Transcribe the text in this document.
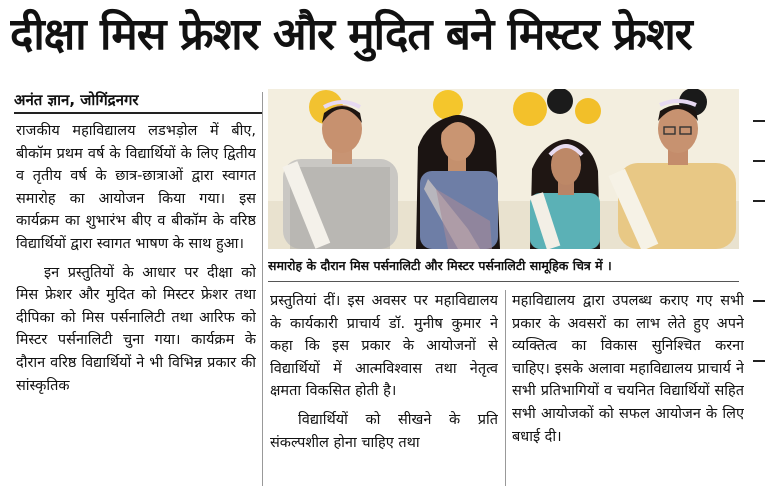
दीक्षा मिस फ्रेशर और मुदित बने मिस्टर फ्रेशर
अनंत ज्ञान, जोगिंद्रनगर

राजकीय महाविद्यालय लडभड़ोल में बीए, बीकॉम प्रथम वर्ष के विद्यार्थियों के लिए द्वितीय व तृतीय वर्ष के छात्र-छात्राओं द्वारा स्वागत समारोह का आयोजन किया गया। इस कार्यक्रम का शुभारंभ बीए व बीकॉम के वरिष्ठ विद्यार्थियों द्वारा स्वागत भाषण के साथ हुआ।

इन प्रस्तुतियों के आधार पर दीक्षा को मिस फ्रेशर और मुदित को मिस्टर फ्रेशर तथा दीपिका को मिस पर्सनालिटी तथा आरिफ को मिस्टर पर्सनालिटी चुना गया। कार्यक्रम के दौरान वरिष्ठ विद्यार्थियों ने भी विभिन्न प्रकार की सांस्कृतिक

समारोह के दौरान मिस पर्सनालिटी और मिस्टर पर्सनालिटी सामूहिक चित्र में ।

प्रस्तुतियां दीं। इस अवसर पर महाविद्यालय के कार्यकारी प्राचार्य डॉ. मुनीष कुमार ने कहा कि इस प्रकार के आयोजनों से विद्यार्थियों में आत्मविश्वास तथा नेतृत्व क्षमता विकसित होती है।

विद्यार्थियों को सीखने के प्रति संकल्पशील होना चाहिए तथा

महाविद्यालय द्वारा उपलब्ध कराए गए सभी प्रकार के अवसरों का लाभ लेते हुए अपने व्यक्तित्व का विकास सुनिश्चित करना चाहिए। इसके अलावा महाविद्यालय प्राचार्य ने सभी प्रतिभागियों व चयनित विद्यार्थियों सहित सभी आयोजकों को सफल आयोजन के लिए बधाई दी।
